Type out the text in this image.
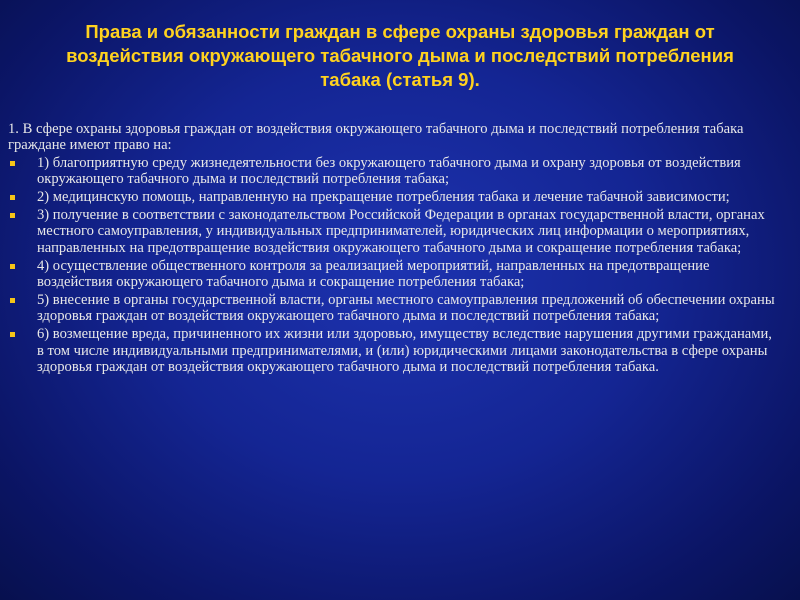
Права и обязанности граждан в сфере охраны здоровья граждан от воздействия окружающего табачного дыма и последствий потребления табака (статья 9).
1. В сфере охраны здоровья граждан от воздействия окружающего табачного дыма и последствий потребления табака граждане имеют право на:
1) благоприятную среду жизнедеятельности без окружающего табачного дыма и охрану здоровья от воздействия окружающего табачного дыма и последствий потребления табака;
2) медицинскую помощь, направленную на прекращение потребления табака и лечение табачной зависимости;
3) получение в соответствии с законодательством Российской Федерации в органах государственной власти, органах местного самоуправления, у индивидуальных предпринимателей, юридических лиц информации о мероприятиях, направленных на предотвращение воздействия окружающего табачного дыма и сокращение потребления табака;
4) осуществление общественного контроля за реализацией мероприятий, направленных на предотвращение воздействия окружающего табачного дыма и сокращение потребления табака;
5) внесение в органы государственной власти, органы местного самоуправления предложений об обеспечении охраны здоровья граждан от воздействия окружающего табачного дыма и последствий потребления табака;
6) возмещение вреда, причиненного их жизни или здоровью, имуществу вследствие нарушения другими гражданами, в том числе индивидуальными предпринимателями, и (или) юридическими лицами законодательства в сфере охраны здоровья граждан от воздействия окружающего табачного дыма и последствий потребления табака.
